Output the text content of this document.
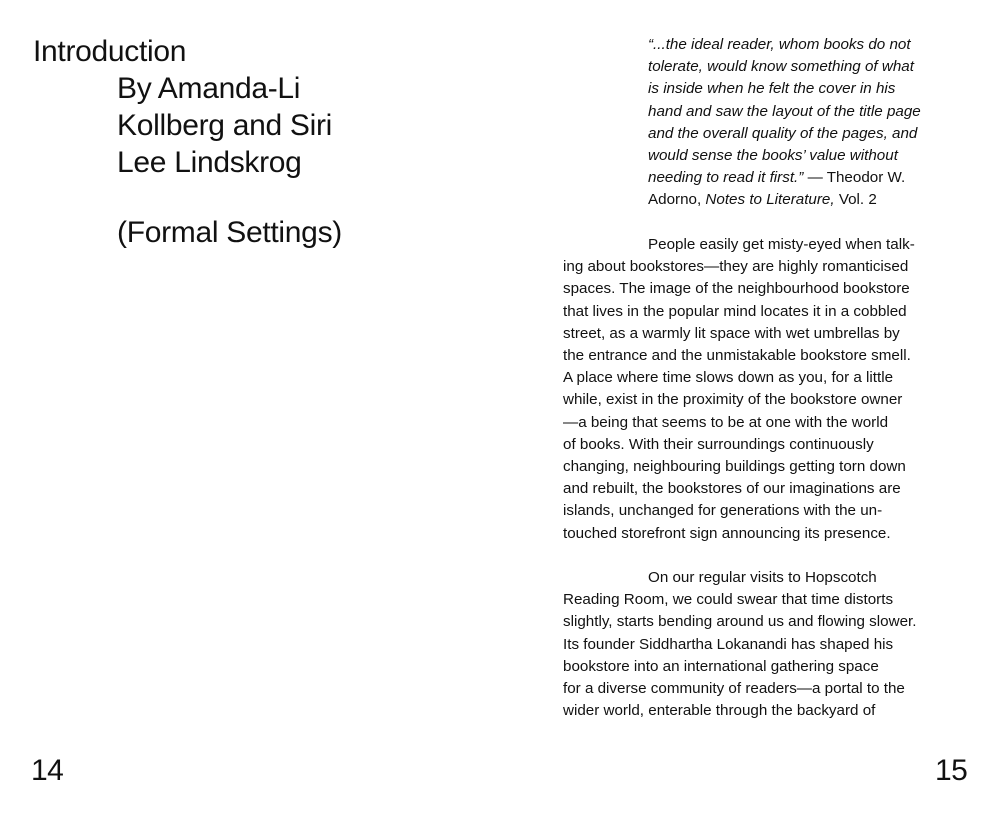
Introduction
By Amanda-Li
Kollberg and Siri
Lee Lindskrog
(Formal Settings)
14
“...the ideal reader, whom books do not
tolerate, would know something of what
is inside when he felt the cover in his
hand and saw the layout of the title page
and the overall quality of the pages, and
would sense the books’ value without
needing to read it first.” — Theodor W.
Adorno, Notes to Literature, Vol. 2
People easily get misty-eyed when talk-
ing about bookstores—they are highly romanticised
spaces. The image of the neighbourhood bookstore
that lives in the popular mind locates it in a cobbled
street, as a warmly lit space with wet umbrellas by
the entrance and the unmistakable bookstore smell.
A place where time slows down as you, for a little
while, exist in the proximity of the bookstore owner
—a being that seems to be at one with the world
of books. With their surroundings continuously
changing, neighbouring buildings getting torn down
and rebuilt, the bookstores of our imaginations are
islands, unchanged for generations with the un-
touched storefront sign announcing its presence.
On our regular visits to Hopscotch
Reading Room, we could swear that time distorts
slightly, starts bending around us and flowing slower.
Its founder Siddhartha Lokanandi has shaped his
bookstore into an international gathering space
for a diverse community of readers—a portal to the
wider world, enterable through the backyard of
15
